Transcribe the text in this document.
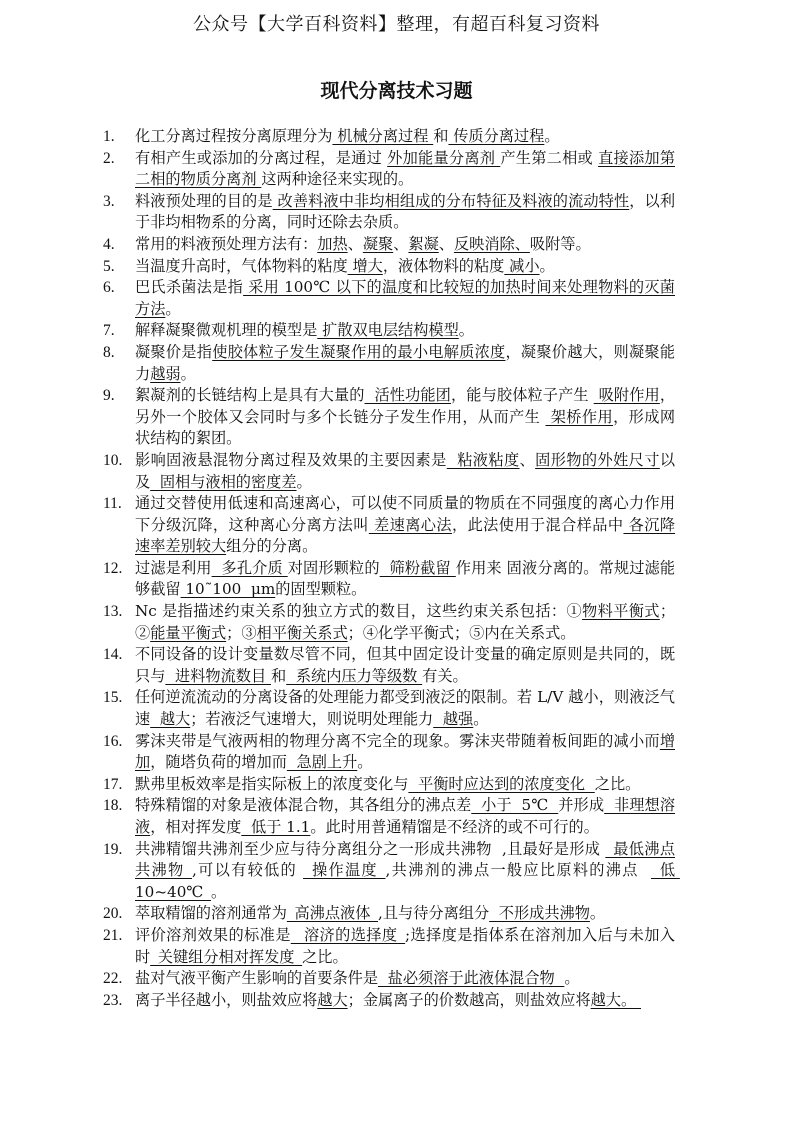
公众号【大学百科资料】整理，有超百科复习资料
现代分离技术习题
1.	化工分离过程按分离原理分为 机械分离过程 和 传质分离过程。
2.	有相产生或添加的分离过程，是通过 外加能量分离剂 产生第二相或 直接添加第二相的物质分离剂 这两种途径来实现的。
3.	料液预处理的目的是 改善料液中非均相组成的分布特征及料液的流动特性，以利于非均相物系的分离，同时还除去杂质。
4.	常用的料液预处理方法有：加热、凝聚、絮凝、反映消除、吸附等。
5.	当温度升高时，气体物料的粘度 增大，液体物料的粘度 减小。
6.	巴氏杀菌法是指 采用 100℃ 以下的温度和比较短的加热时间来处理物料的灭菌方法。
7.	解释凝聚微观机理的模型是 扩散双电层结构模型。
8.	凝聚价是指使胶体粒子发生凝聚作用的最小电解质浓度，凝聚价越大，则凝聚能力越弱。
9.	絮凝剂的长链结构上是具有大量的  活性功能团，能与胶体粒子产生  吸附作用，另外一个胶体又会同时与多个长链分子发生作用，从而产生  架桥作用，形成网状结构的絮团。
10. 影响固液悬混物分离过程及效果的主要因素是  粘液粘度、固形物的外姓尺寸以及  固相与液相的密度差。
11. 通过交替使用低速和高速离心，可以使不同质量的物质在不同强度的离心力作用下分级沉降，这种离心分离方法叫 差速离心法，此法使用于混合样品中 各沉降速率差别较大组分的分离。
12. 过滤是利用  多孔介质 对固形颗粒的  筛粉截留 作用来 固液分离的。常规过滤能够截留 10˜100  μm的固型颗粒。
13. Nc 是指描述约束关系的独立方式的数目，这些约束关系包括：①物料平衡式；②能量平衡式；③相平衡关系式；④化学平衡式；⑤内在关系式。
14. 不同设备的设计变量数尽管不同，但其中固定设计变量的确定原则是共同的，既只与  进料物流数目 和  系统内压力等级数 有关。
15. 任何逆流流动的分离设备的处理能力都受到液泛的限制。若 L/V 越小，则液泛气速  越大；若液泛气速增大，则说明处理能力  越强。
16. 雾沫夹带是气液两相的物理分离不完全的现象。雾沫夹带随着板间距的减小而增加，随塔负荷的增加而  急剧上升。
17. 默弗里板效率是指实际板上的浓度变化与  平衡时应达到的浓度变化  之比。
18. 特殊精馏的对象是液体混合物，其各组分的沸点差  小于  5℃  并形成  非理想溶液，相对挥发度  低于 1.1。此时用普通精馏是不经济的或不可行的。
19. 共沸精馏共沸剂至少应与待分离组分之一形成共沸物  ,且最好是形成 _最低沸点共沸物_,可以有较低的 _操作温度_,共沸剂的沸点一般应比原料的沸点  _低 10~40℃_。
20. 萃取精馏的溶剂通常为_高沸点液体_,且与待分离组分  不形成共沸物。
21. 评价溶剂效果的标准是 _溶济的选择度_;选择度是指体系在溶剂加入后与未加入时_关键组分相对挥发度_之比。
22. 盐对气液平衡产生影响的首要条件是  盐必须溶于此液体混合物  。
23. 离子半径越小，则盐效应将越大；金属离子的价数越高，则盐效应将越大。
